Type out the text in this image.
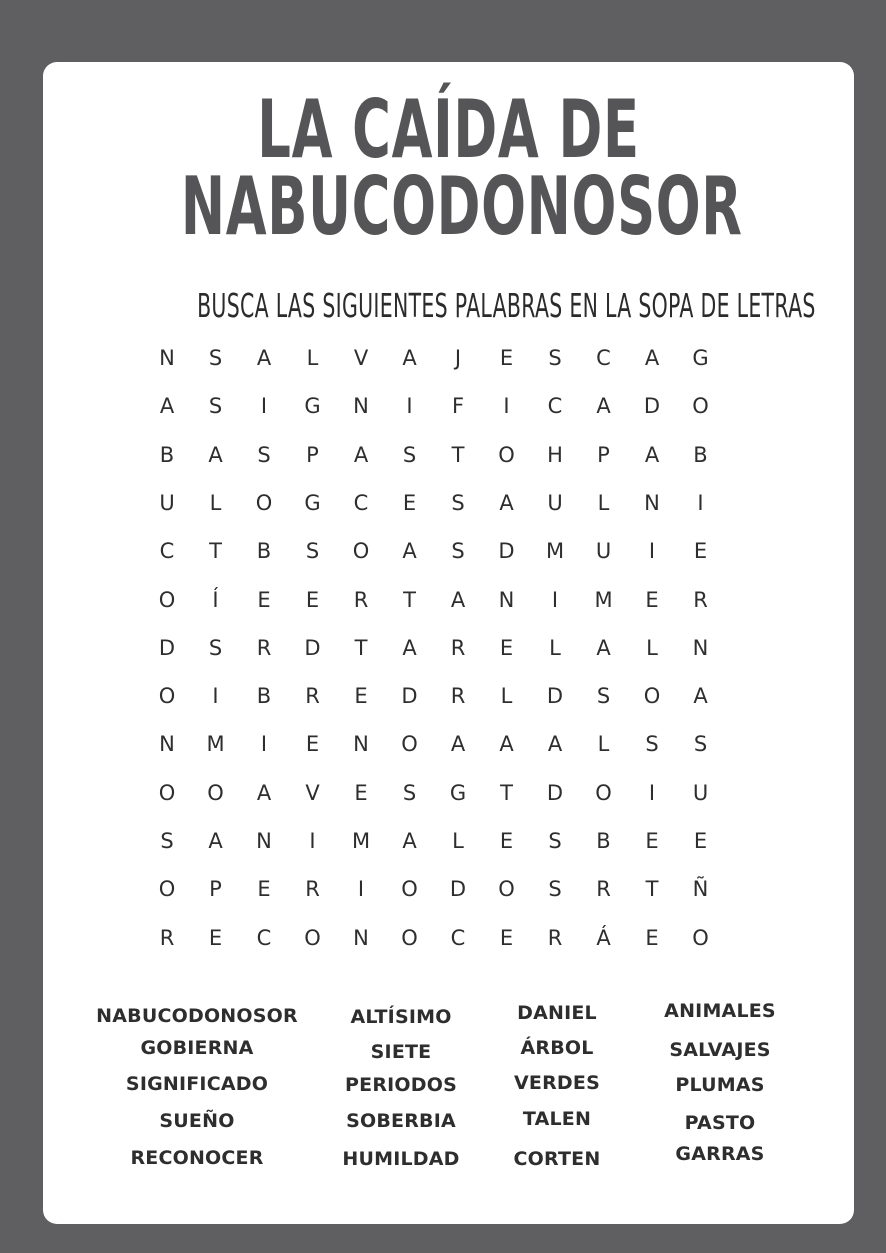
LA CAÍDA DE
NABUCODONOSOR
BUSCA LAS SIGUIENTES PALABRAS EN LA SOPA DE LETRAS
N	S	A	L	V	A	J	E	S	C	A	G
A	S	I	G	N	I	F	I	C	A	D	O
B	A	S	P	A	S	T	O	H	P	A	B
U	L	O	G	C	E	S	A	U	L	N	I
C	T	B	S	O	A	S	D	M	U	I	E
O	Í	E	E	R	T	A	N	I	M	E	R
D	S	R	D	T	A	R	E	L	A	L	N
O	I	B	R	E	D	R	L	D	S	O	A
N	M	I	E	N	O	A	A	A	L	S	S
O	O	A	V	E	S	G	T	D	O	I	U
S	A	N	I	M	A	L	E	S	B	E	E
O	P	E	R	I	O	D	O	S	R	T	Ñ
R	E	C	O	N	O	C	E	R	Á	E	O
NABUCODONOSOR
GOBIERNA
SIGNIFICADO
SUEÑO
RECONOCER
ALTÍSIMO
SIETE
PERIODOS
SOBERBIA
HUMILDAD
DANIEL
ÁRBOL
VERDES
TALEN
CORTEN
ANIMALES
SALVAJES
PLUMAS
PASTO
GARRAS
